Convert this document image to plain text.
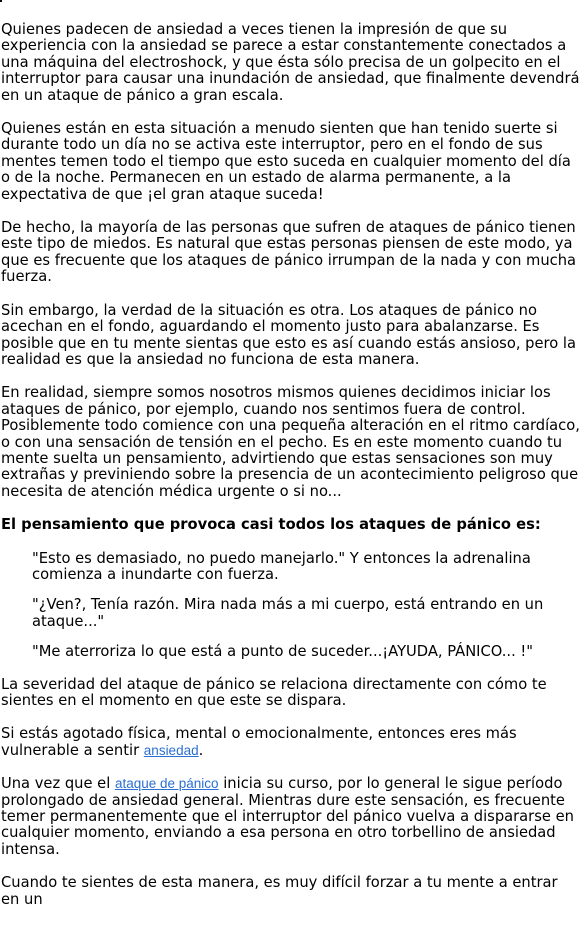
Quienes padecen de ansiedad a veces tienen la impresión de que su experiencia con la ansiedad se parece a estar constantemente conectados a una máquina del electroshock, y que ésta sólo precisa de un golpecito en el interruptor para causar una inundación de ansiedad, que finalmente devendrá en un ataque de pánico a gran escala.

Quienes están en esta situación a menudo sienten que han tenido suerte si durante todo un día no se activa este interruptor, pero en el fondo de sus mentes temen todo el tiempo que esto suceda en cualquier momento del día o de la noche. Permanecen en un estado de alarma permanente, a la expectativa de que ¡el gran ataque suceda!

De hecho, la mayoría de las personas que sufren de ataques de pánico tienen este tipo de miedos. Es natural que estas personas piensen de este modo, ya que es frecuente que los ataques de pánico irrumpan de la nada y con mucha fuerza.

Sin embargo, la verdad de la situación es otra. Los ataques de pánico no acechan en el fondo, aguardando el momento justo para abalanzarse. Es posible que en tu mente sientas que esto es así cuando estás ansioso, pero la realidad es que la ansiedad no funciona de esta manera.

En realidad, siempre somos nosotros mismos quienes decidimos iniciar los ataques de pánico, por ejemplo, cuando nos sentimos fuera de control. Posiblemente todo comience con una pequeña alteración en el ritmo cardíaco, o con una sensación de tensión en el pecho. Es en este momento cuando tu mente suelta un pensamiento, advirtiendo que estas sensaciones son muy extrañas y previniendo sobre la presencia de un acontecimiento peligroso que necesita de atención médica urgente o si no...

El pensamiento que provoca casi todos los ataques de pánico es:

"Esto es demasiado, no puedo manejarlo." Y entonces la adrenalina comienza a inundarte con fuerza.

"¿Ven?, Tenía razón. Mira nada más a mi cuerpo, está entrando en un ataque..."

"Me aterroriza lo que está a punto de suceder...¡AYUDA, PÁNICO... !"

La severidad del ataque de pánico se relaciona directamente con cómo te sientes en el momento en que este se dispara.

Si estás agotado física, mental o emocionalmente, entonces eres más vulnerable a sentir ansiedad.

Una vez que el ataque de pánico inicia su curso, por lo general le sigue período prolongado de ansiedad general. Mientras dure este sensación, es frecuente temer permanentemente que el interruptor del pánico vuelva a dispararse en cualquier momento, enviando a esa persona en otro torbellino de ansiedad intensa.

Cuando te sientes de esta manera, es muy difícil forzar a tu mente a entrar en un
